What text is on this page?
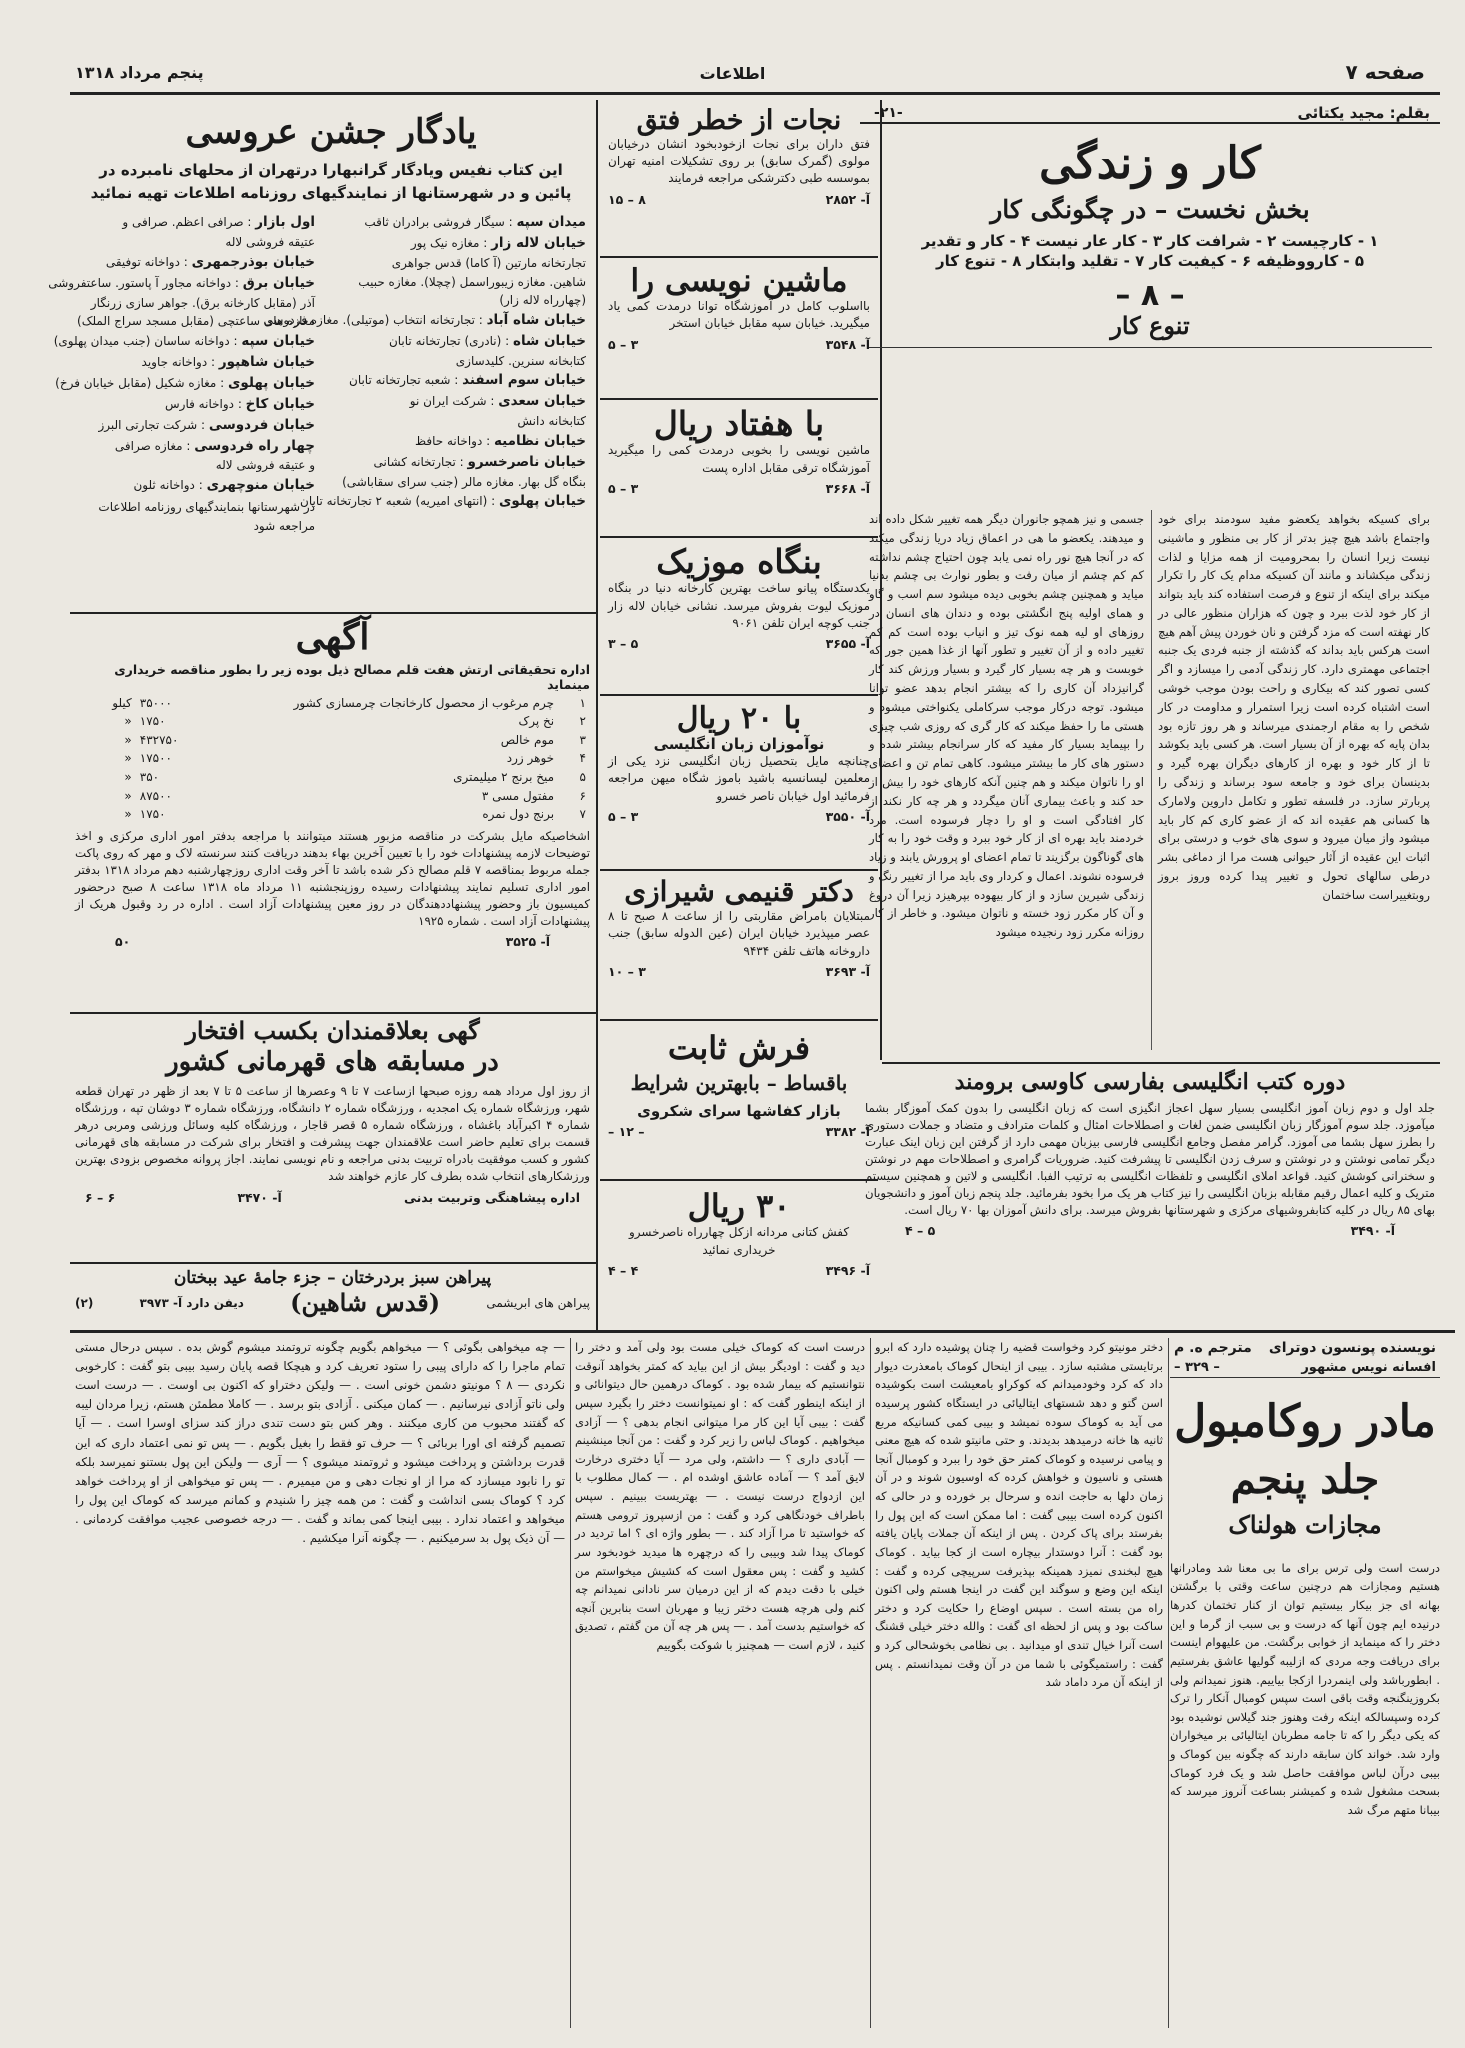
صفحه ۷
اطلاعات
پنجم مرداد ۱۳۱۸
بقلم: مجید یکتائی
-۲۱-
کار و زندگی
بخش نخست – در چگونگی کار
۱ - کارچیست ۲ - شرافت کار ۳ - کار عار نیست ۴ - کار و تقدیر
۵ - کارووظیفه ۶ - کیفیت کار ۷ - تقلید وابتکار ۸ - تنوع کار
– ۸ –
تنوع کار
برای کسیکه بخواهد یکعضو مفید سودمند برای خود واجتماع باشد هیچ چیز بدتر از کار بی منظور و ماشینی نیست زیرا انسان را بمحرومیت از همه مزایا و لذات زندگی میکشاند و مانند آن کسیکه مدام یک کار را تکرار میکند برای اینکه از تنوع و فرصت استفاده کند باید بتواند از کار خود لذت ببرد و چون که هزاران منظور عالی در کار نهفته است که مزد گرفتن و نان خوردن پیش آهم هیچ است هرکس باید بداند که گذشته از جنبه فردی یک جنبه اجتماعی مهمتری دارد. کار زندگی آدمی را میسازد و اگر کسی تصور کند که بیکاری و راحت بودن موجب خوشی است اشتباه کرده است زیرا استمرار و مداومت در کار شخص را به مقام ارجمندی میرساند و هر روز تازه بود بدان پایه که بهره از آن بسیار است. هر کسی باید بکوشد تا از کار خود و بهره از کارهای دیگران بهره گیرد و بدینسان برای خود و جامعه سود برساند و زندگی را پربارتر سازد. در فلسفه تطور و تکامل داروین ولامارک ها کسانی هم عقیده اند که از عضو کاری کم کار باید میشود واز میان میرود و سوی های خوب و درستی برای اثبات این عقیده از آثار حیوانی هست مرا از دماغی بشر درطی سالهای تحول و تغییر پیدا کرده وروز بروز روبتغییراست ساختمان
جسمی و نیز همچو جانوران دیگر همه تغییر شکل داده اند و میدهند. یکعضو ما هی در اعماق زیاد دریا زندگی میکند که در آنجا هیچ نور راه نمی یابد چون احتیاج چشم نداشته کم کم چشم از میان رفت و بطور نوارث بی چشم بدنیا میاید و همچنین چشم بخوبی دیده میشود سم اسب و گاو و همای اولیه پنج انگشتی بوده و دندان های انسان در روزهای او لیه همه نوک تیز و انیاب بوده است کم کم تغییر داده و از آن تغییر و تطور آنها از غذا همین جور که خوبست و هر چه بسیار کار گیرد و بسیار ورزش کند کار گرانیزداد آن کاری را که بیشتر انجام بدهد عضو توانا میشود. توجه درکار موجب سرکاملی یکنواختی میشود و هستی ما را حفظ میکند که کار گری که روزی شب چیزی را بپیماید بسیار کار مفید که کار سرانجام بیشتر شده و دستور های کار ما بیشتر میشود. کاهی تمام تن و اعضای او را ناتوان میکند و هم چنین آنکه کارهای خود را بیش از حد کند و باعث بیماری آنان میگردد و هر چه کار نکند از کار افتادگی است و او را دچار فرسوده است. مرد خردمند باید بهره ای از کار خود ببرد و وقت خود را به کار های گوناگون برگزیند تا تمام اعضای او پرورش یابند و زیاد فرسوده نشوند. اعمال و کردار وی باید مرا از تغییر رنگ و زندگی شیرین سازد و از کار بیهوده بپرهیزد زیرا آن دروغ و آن کار مکرر زود خسته و ناتوان میشود. و خاطر از کار روزانه مکرر زود رنجیده میشود
دوره کتب انگلیسی بفارسی کاوسی برومند
جلد اول و دوم زبان آموز انگلیسی بسیار سهل اعجاز انگیزی است که زبان انگلیسی را بدون کمک آموزگار بشما میآموزد. جلد سوم آموزگار زبان انگلیسی ضمن لغات و اصطلاحات امثال و کلمات مترادف و متضاد و جملات دستوری را بطرز سهل بشما می آموزد. گرامر مفصل وجامع انگلیسی فارسی بیزبان مهمی دارد از گرفتن این زبان اینک عبارت دیگر تمامی نوشتن و در نوشتن و سرف زدن انگلیسی تا پیشرفت کنید. ضروریات گرامری و اصطلاحات مهم در نوشتن و سخنرانی کوشش کنید. قواعد املای انگلیسی و تلفظات انگلیسی به ترتیب الفبا. انگلیسی و لاتین و همچنین سیستم متریک و کلیه اعمال رقیم مقابله بزبان انگلیسی را نیز کتاب هر یک مرا بخود بفرمائید. جلد پنجم زبان آموز و دانشجویان بهای ۸۵ ریال در کلیه کتابفروشیهای مرکزی و شهرستانها بفروش میرسد. برای دانش آموزان بها ۷۰ ریال است.
آ- ۳۴۹۰
۵ – ۴
نجات از خطر فتق
فتق داران برای نجات ازخودبخود انشان درخیابان مولوی (گمرک سابق) بر روی تشکیلات امنیه تهران بموسسه طبی دکترشکی مراجعه فرمایند
آ- ۲۸۵۲
۸ – ۱۵
ماشین نویسی را
بااسلوب کامل در آموزشگاه توانا درمدت کمی یاد میگیرید. خیابان سپه مقابل خیابان استخر
آ- ۳۵۴۸
۳ – ۵
با هفتاد ریال
ماشین نویسی را بخوبی درمدت کمی را میگیرید آموزشگاه ترقی مقابل اداره پست
آ- ۳۶۶۸
۳ – ۵
بنگاه موزیک
یکدستگاه پیانو ساخت بهترین کارخانه دنیا در بنگاه موزیک لیوت بفروش میرسد. نشانی خیابان لاله زار جنب کوچه ایران تلفن ۹۰۶۱
آ- ۳۶۵۵
۵ – ۳
با ۲۰ ریال
نوآموزان زبان انگلیسی
چنانچه مایل بتحصیل زبان انگلیسی نزد یکی از معلمین لیسانسیه باشید باموز شگاه میهن مراجعه فرمائید اول خیابان ناصر خسرو
آ- ۳۵۵۰
۳ – ۵
دکتر قنیمی شیرازی
مبتلایان بامراض مقاربتی را از ساعت ۸ صبح تا ۸ عصر میپذیرد خیابان ایران (عین الدوله سابق) جنب داروخانه هاتف تلفن ۹۴۳۴
آ- ۳۶۹۳
۳ – ۱۰
فرش ثابت
باقساط – بابهترین شرایط
بازار کفاشها سرای شکروی
آ- ۳۳۸۲
– ۱۲ –
۳۰ ریال
کفش کتانی مردانه ازکل چهارراه ناصرخسرو خریداری نمائید
آ- ۳۴۹۶
۴ – ۴
یادگار جشن عروسی
این کتاب نفیس ویادگار گرانبهارا درتهران از محلهای نامبرده در پائین و در شهرستانها از نمایندگیهای روزنامه اطلاعات تهیه نمائید
میدان سپه : سیگار فروشی برادران ثاقب
خیابان لاله زار : مغازه نیک پور
تجارتخانه مارتین (آ کاما) قدس جواهری
شاهین. مغازه زیبوراسمل (چچلا). مغازه حبیب
(چهارراه لاله زار)
خیابان شاه آباد : تجارتخانه انتخاب (موتیلی). مغازه فردوسی
خیابان شاه : (نادری) تجارتخانه تابان
کتابخانه سنرین. کلیدسازی
خیابان سوم اسفند : شعبه تجارتخانه تابان
خیابان سعدی : شرکت ایران نو
کتابخانه دانش
خیابان نظامیه : دواخانه حافظ
خیابان ناصرخسرو : تجارتخانه کشانی
بنگاه گل بهار. مغازه مالر (جنب سرای سقاباشی)
خیابان پهلوی : (انتهای امیریه) شعبه ۲ تجارتخانه تابان
اول بازار : صرافی اعظم. صرافی و
عتیقه فروشی لاله
خیابان بوذرجمهری : دواخانه توفیقی
خیابان برق : دواخانه مجاور آ پاستور. ساعتفروشی
آذر (مقابل کارخانه برق). جواهر سازی زرنگار
مغازه های ساعتچی (مقابل مسجد سراج الملک)
خیابان سپه : دواخانه ساسان (جنب میدان پهلوی)
خیابان شاهپور : دواخانه جاوید
خیابان پهلوی : مغازه شکیل (مقابل خیابان فرخ)
خیابان کاخ : دواخانه فارس
خیابان فردوسی : شرکت تجارتی البرز
چهار راه فردوسی : مغازه صرافی
و عتیقه فروشی لاله
خیابان منوچهری : دواخانه ثلون
در شهرستانها بنمایندگیهای روزنامه اطلاعات مراجعه شود
آگهی
اداره تحقیقاتی ارتش هفت قلم مصالح ذیل بوده زیر را بطور مناقصه خریداری مینماید
۱	چرم مرغوب از محصول کارخانجات چرمسازی کشور	۳۵۰۰۰	کیلو
۲	نخ پرک	۱۷۵۰	«
۳	موم خالص	۴۳۲۷۵۰	«
۴	خوهر زرد	۱۷۵۰۰	«
۵	میخ برنج ۲ میلیمتری	۳۵۰	«
۶	مفتول مسی ۳	۸۷۵۰۰	«
۷	برنج دول نمره	۱۷۵۰	«
اشخاصیکه مایل بشرکت در مناقصه مزبور هستند میتوانند با مراجعه بدفتر امور اداری مرکزی و اخذ توضیحات لازمه پیشنهادات خود را با تعیین آخرین بهاء بدهند دریافت کنند سرنسته لاک و مهر که روی پاکت جمله مربوط بمناقصه ۷ قلم مصالح ذکر شده باشد تا آخر وقت اداری روزچهارشنبه دهم مرداد ۱۳۱۸ بدفتر امور اداری تسلیم نمایند پیشنهادات رسیده روزپنجشنبه ۱۱ مرداد ماه ۱۳۱۸ ساعت ۸ صبح درحضور کمیسیون باز وحضور پیشنهاددهندگان در روز معین پیشنهادات آزاد است . اداره در رد وقبول هریک از پیشنهادات آزاد است . شماره ۱۹۲۵
آ- ۳۵۲۵
۵۰
گهی بعلاقمندان بکسب افتخار
در مسابقه های قهرمانی کشور
از روز اول مرداد همه روزه صبحها ازساعت ۷ تا ۹ وعصرها از ساعت ۵ تا ۷ بعد از ظهر در تهران قطعه شهر، ورزشگاه شماره یک امجدیه ، ورزشگاه شماره ۲ دانشگاه، ورزشگاه شماره ۳ دوشان تپه ، ورزشگاه شماره ۴ اکبرآباد باغشاه ، ورزشگاه شماره ۵ قصر قاجار ، ورزشگاه کلیه وسائل ورزشی ومربی درهر قسمت برای تعلیم حاضر است علاقمندان جهت پیشرفت و افتخار برای شرکت در مسابقه های قهرمانی کشور و کسب موفقیت بادراه تربیت بدنی مراجعه و نام نویسی نمایند. اجاز پروانه مخصوص بزودی بهترین ورزشکارهای انتخاب شده بطرف کار عازم خواهند شد
اداره پیشاهنگی وتربیت بدنی
آ- ۳۴۷۰
۶ – ۶
پیراهن سبز بردرختان – جزء جامۀ عید ببختان
پیراهن های ابریشمی
(قدس شاهین)
دیفن دارد آ- ۳۹۷۳
(۲)
نویسنده پونسون دوترای
مترجم ه. م
افسانه نویس مشهور
– ۳۲۹ –
مادر روکامبول
جلد پنجم
مجازات هولناک
درست است ولی ترس برای ما بی معنا شد ومادرانها هستیم ومجازات هم درچنین ساعت وقتی با برگشتن بهانه ای جز بیکار بیستیم توان از کنار تختمان کدرها درنیده ایم چون آنها که درست و بی سبب از گرما و این دختر را که مینماید از خوابی برگشت. من علیهوام اینست برای دریافت وجه مردی که ازلیبه گولیها عاشق بفرستیم . ابطورباشد ولی اینمردرا ازکجا بیاییم. هنوز نمیدانم ولی بکروزینگنجه وقت باقی است سپس کومبال آنکار را ترک کرده وسپسالکه اینکه رفت وهنوز جند گیلاس نوشیده بود که یکی دیگر را که تا جامه مطربان ایتالیائی بر میخواران وارد شد. خواند کان سابقه دارند که چگونه بین کوماک و بیبی درآن لباس موافقت حاصل شد و یک فرد کوماک بسحت مشغول شده و کمیشنر بساعت آنروز میرسد که بیبانا متهم مرگ شد
دختر مونیتو کرد وخواست قضیه را چنان پوشیده دارد که ابرو برتایستی مشتبه سازد . بیبی از اینحال کوماک بامعذرت دیوار داد که کرد وخودمیدانم که کوکراو بامعیشت است بکوشیده اسن گتو و دهد شستهای ایتالیائی در ایستگاه کشور پرسیده می آید به کوماک سوده نمیشد و بیبی کمی کسانیکه مربع ثانیه ها خانه درمیدهد بدیدند. و حتی مانیتو شده که هیچ معنی و پیامی نرسیده و کوماک کمتر حق خود را ببرد و کومبال آنجا هستی و ناسیون و خواهش کرده که اوسیون شوند و در آن زمان دلها به حاجت انده و سرحال بر خورده و در حالی که اکنون کرده است بیبی گفت : اما ممکن است که این پول را بفرستد برای پاک کردن . پس از اینکه آن جملات پایان یافته بود گفت : آنرا دوستدار بیچاره است از کجا بیاید . کوماک هیچ لبخندی نمیزد همینکه بپذیرفت سرپیچی کرده و گفت : اینکه این وضع و سوگند این گفت در اینجا هستم ولی اکنون راه من بسته است . سپس اوضاع را حکایت کرد و دختر ساکت بود و پس از لحظه ای گفت : والله دختر خیلی قشنگ است آنرا خیال تندی او میدانید . بی نظامی بخوشحالی کرد و گفت : راستمیگوئی با شما من در آن وقت نمیدانستم . پس از اینکه آن مرد داماد شد
درست است که کوماک خیلی مست بود ولی آمد و دختر را دید و گفت : اودیگر بیش از این بیاید که کمتر بخواهد آنوقت نتوانستیم که بیمار شده بود . کوماک درهمین حال دیتوانائی و از اینکه اینطور گفت که : او نمیتوانست دختر را بگیرد سپس گفت : بیبی آیا این کار مرا میتوانی انجام بدهی ؟ — آزادی میخواهیم . کوماک لباس را زیر کرد و گفت : من آنجا مینشینم — آبادی داری ؟ — داشتم، ولی مرد — آیا دختری درخارت لایق آمد ؟ — آماده عاشق اوشده ام . — کمال مطلوب با این ازدواج درست نیست . — بهتریست ببینیم . سپس باطراف خودنگاهی کرد و گفت : من ازسپروز ترومی هستم که خواستید تا مرا آزاد کند . — بطور واژه ای ؟ اما تردید در کوماک پیدا شد وبیبی را که درچهره ها میدید خودبخود سر کشید و گفت : پس معقول است که کشیش میخواستم من خیلی با دقت دیدم که از این درمیان سر نادانی نمیدانم چه کنم ولی هرچه هست دختر زیبا و مهربان است بنابرین آنچه که خواستیم بدست آمد . — پس هر چه آن من گفتم ، تصدیق کنید ، لازم است — همچنیز با شوکت بگوییم
— چه میخواهی بگوئی ؟ — میخواهم بگویم چگونه تروتمند میشوم گوش بده . سپس درحال مستی تمام ماجرا را که دارای پیبی را ستود تعریف کرد و هیچکا قصه پایان رسید بیبی بتو گفت : کارخوبی نکردی — ۸ ؟ مونیتو دشمن خونی است . — ولیکن دختراو که اکنون بی اوست . — درست است ولی ناتو آزادی نیرسانیم . — کمان میکنی . آزادی بتو برسد . — کاملا مطمئن هستم، زیرا مردان لیبه که گفتند محبوب من کاری میکنند . وهر کس بتو دست تندی دراز کند سزای اوسرا است . — آیا تصمیم گرفته ای اورا بربائی ؟ — حرف تو فقط را بغیل بگویم . — پس تو نمی اعتماد داری که این قدرت برداشتن و پرداخت میشود و ثروتمند میشوی ؟ — آری — ولیکن این پول بستنو نمیرسد بلکه تو را نابود میسازد که مرا از او نجات دهی و من میمیرم . — پس تو میخواهی از او پرداخت خواهد کرد ؟ کوماک بسی انداشت و گفت : من همه چیز را شنیدم و کمانم میرسد که کوماک این پول را میخواهد و اعتماد ندارد . بیبی اینجا کمی بماند و گفت . — درجه خصوصی عجیب موافقت کردمانی . — آن ذیک پول بد سرمیکنیم . — چگونه آنرا میکشیم .
